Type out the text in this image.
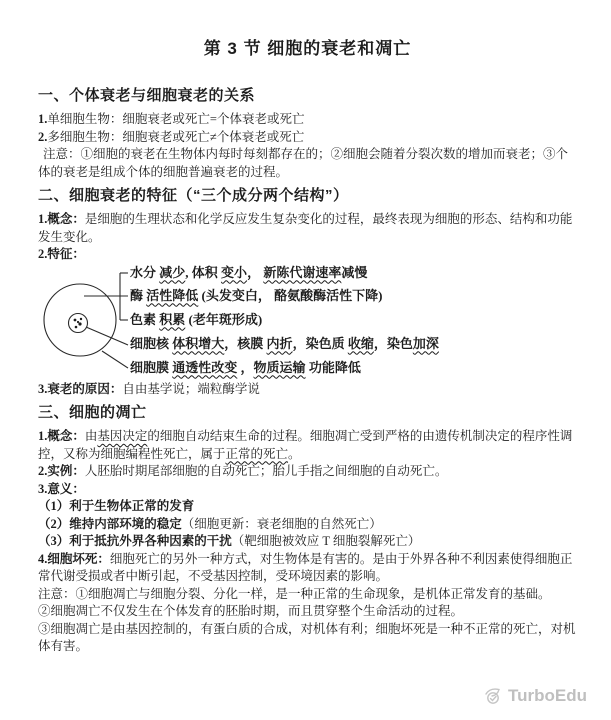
第 3 节 细胞的衰老和凋亡
一、个体衰老与细胞衰老的关系

1.单细胞生物：细胞衰老或死亡=个体衰老或死亡

2.多细胞生物：细胞衰老或死亡≠个体衰老或死亡

注意：①细胞的衰老在生物体内每时每刻都存在的；②细胞会随着分裂次数的增加而衰老；③个体的衰老是组成个体的细胞普遍衰老的过程。

二、细胞衰老的特征（“三个成分两个结构”）

1.概念：是细胞的生理状态和化学反应发生复杂变化的过程，最终表现为细胞的形态、结构和功能发生变化。

2.特征：

水分 减少, 体积 变小， 新陈代谢速率减慢
酶 活性降低 (头发变白， 酪氨酸酶活性下降)
色素 积累 (老年斑形成)
细胞核 体积增大，核膜 内折，染色质 收缩，染色加深
细胞膜 通透性改变 ，物质运输 功能降低

3.衰老的原因：自由基学说；端粒酶学说

三、细胞的凋亡

1.概念：由基因决定的细胞自动结束生命的过程。细胞凋亡受到严格的由遗传机制决定的程序性调控，又称为细胞编程性死亡，属于正常的死亡。

2.实例：人胚胎时期尾部细胞的自动死亡；胎儿手指之间细胞的自动死亡。

3.意义：

（1）利于生物体正常的发育

（2）维持内部环境的稳定（细胞更新：衰老细胞的自然死亡）

（3）利于抵抗外界各种因素的干扰（靶细胞被效应 T 细胞裂解死亡）

4.细胞坏死：细胞死亡的另外一种方式，对生物体是有害的。是由于外界各种不利因素使得细胞正常代谢受损或者中断引起，不受基因控制，受环境因素的影响。

注意：①细胞凋亡与细胞分裂、分化一样，是一种正常的生命现象，是机体正常发育的基础。

②细胞凋亡不仅发生在个体发育的胚胎时期，而且贯穿整个生命活动的过程。

③细胞凋亡是由基因控制的，有蛋白质的合成，对机体有利；细胞坏死是一种不正常的死亡，对机体有害。

TurboEdu
